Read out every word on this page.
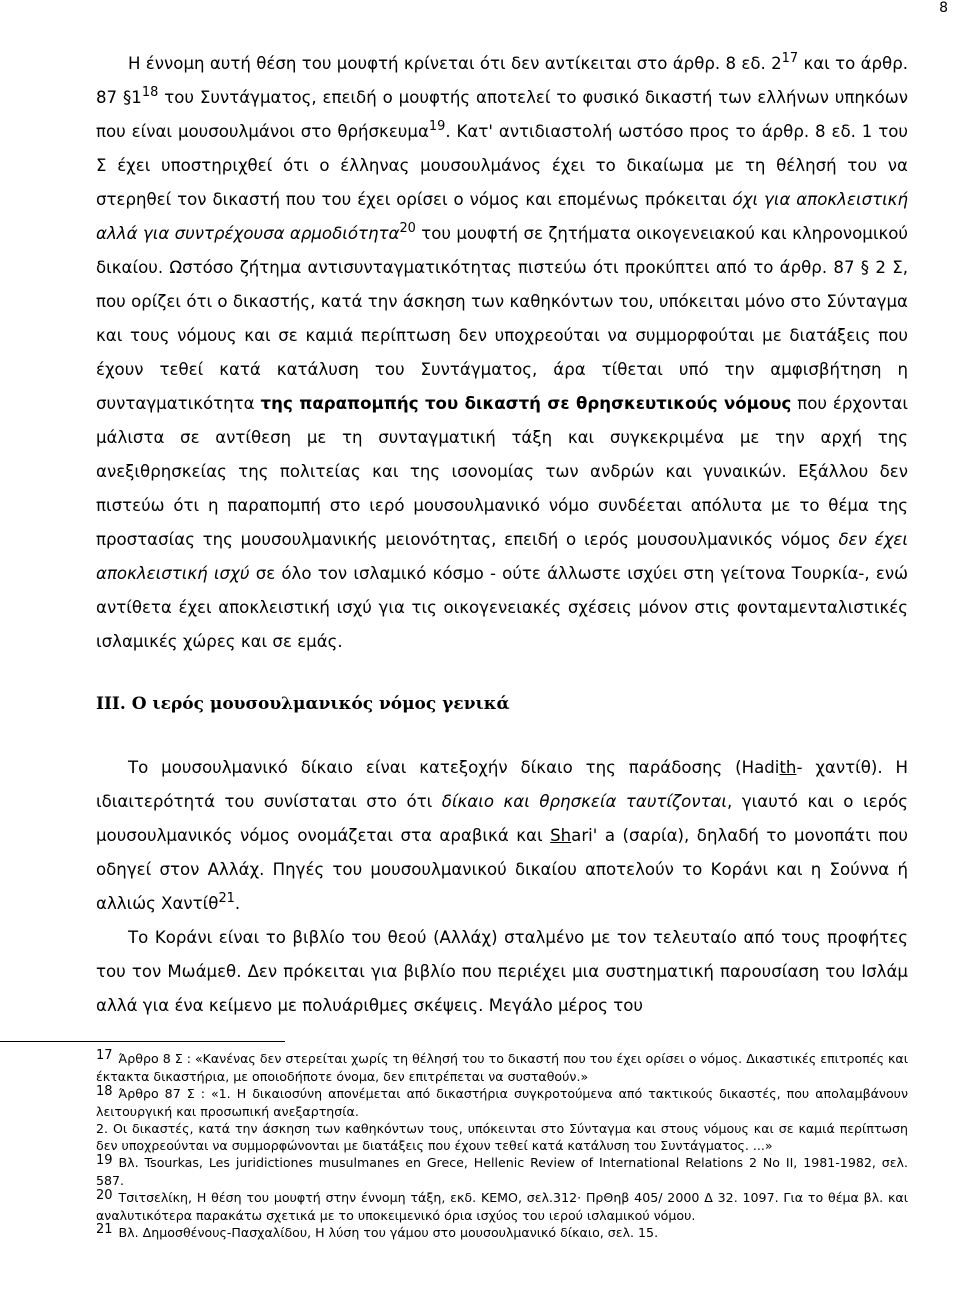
8

Η έννομη αυτή θέση του μουφτή κρίνεται ότι δεν αντίκειται στο άρθρ. 8 εδ. $2^{17}$ και το άρθρ. 87 $\S 1^{18}$ του Συντάγματος, επειδή ο μουφτής αποτελεί το φυσικό δικαστή των ελλήνων υπηκόων που είναι μουσουλμάνοι στο θρήσκευμα$^{19}$. Κατ' αντιδιαστολή ωστόσο προς το άρθρ. 8 εδ. 1 του Σ έχει υποστηριχθεί ότι ο έλληνας μουσουλμάνος έχει το δικαίωμα με τη θέλησή του να στερηθεί τον δικαστή που του έχει ορίσει ο νόμος και επομένως πρόκειται όχι για αποκλειστική αλλά για συντρέχουσα αρμοδιότητα$^{20}$ του μουφτή σε ζητήματα οικογενειακού και κληρονομικού δικαίου. Ωστόσο ζήτημα αντισυνταγματικότητας πιστεύω ότι προκύπτει από το άρθρ. 87 § 2 Σ, που ορίζει ότι ο δικαστής, κατά την άσκηση των καθηκόντων του, υπόκειται μόνο στο Σύνταγμα και τους νόμους και σε καμιά περίπτωση δεν υποχρεούται να συμμορφούται με διατάξεις που έχουν τεθεί κατά κατάλυση του Συντάγματος, άρα τίθεται υπό την αμφισβήτηση η συνταγματικότητα της παραπομπής του δικαστή σε θρησκευτικούς νόμους που έρχονται μάλιστα σε αντίθεση με τη συνταγματική τάξη και συγκεκριμένα με την αρχή της ανεξιθρησκείας της πολιτείας και της ισονομίας των ανδρών και γυναικών. Εξάλλου δεν πιστεύω ότι η παραπομπή στο ιερό μουσουλμανικό νόμο συνδέεται απόλυτα με το θέμα της προστασίας της μουσουλμανικής μειονότητας, επειδή ο ιερός μουσουλμανικός νόμος δεν έχει αποκλειστική ισχύ σε όλο τον ισλαμικό κόσμο - ούτε άλλωστε ισχύει στη γείτονα Τουρκία-, ενώ αντίθετα έχει αποκλειστική ισχύ για τις οικογενειακές σχέσεις μόνον στις φονταμενταλιστικές ισλαμικές χώρες και σε εμάς.

III. Ο ιερός μουσουλμανικός νόμος γενικά

Το μουσουλμανικό δίκαιο είναι κατεξοχήν δίκαιο της παράδοσης (Hadith- χαντίθ). Η ιδιαιτερότητά του συνίσταται στο ότι δίκαιο και θρησκεία ταυτίζονται, γιαυτό και ο ιερός μουσουλμανικός νόμος ονομάζεται στα αραβικά και Shari' a (σαρία), δηλαδή το μονοπάτι που οδηγεί στον Αλλάχ. Πηγές του μουσουλμανικού δικαίου αποτελούν το Κοράνι και η Σούννα ή αλλιώς Χαντίθ$^{21}$.

Το Κοράνι είναι το βιβλίο του θεού (Αλλάχ) σταλμένο με τον τελευταίο από τους προφήτες του τον Μωάμεθ. Δεν πρόκειται για βιβλίο που περιέχει μια συστηματική παρουσίαση του Ισλάμ αλλά για ένα κείμενο με πολυάριθμες σκέψεις. Μεγάλο μέρος του

17 Άρθρο 8 Σ : «Κανένας δεν στερείται χωρίς τη θέλησή του το δικαστή που του έχει ορίσει ο νόμος. Δικαστικές επιτροπές και έκτακτα δικαστήρια, με οποιοδήποτε όνομα, δεν επιτρέπεται να συσταθούν.»

18 Άρθρο 87 Σ : «1. Η δικαιοσύνη απονέμεται από δικαστήρια συγκροτούμενα από τακτικούς δικαστές, που απολαμβάνουν λειτουργική και προσωπική ανεξαρτησία.

2. Οι δικαστές, κατά την άσκηση των καθηκόντων τους, υπόκεινται στο Σύνταγμα και στους νόμους και σε καμιά περίπτωση δεν υποχρεούνται να συμμορφώνονται με διατάξεις που έχουν τεθεί κατά κατάλυση του Συντάγματος. ...»

19 Βλ. Tsourkas, Les juridictiones musulmanes en Grece, Hellenic Review of International Relations 2 No II, 1981-1982, σελ. 587.

20 Τσιτσελίκη, Η θέση του μουφτή στην έννομη τάξη, εκδ. ΚΕΜΟ, σελ.312· ΠρΘηβ 405/ 2000 Δ 32. 1097. Για το θέμα βλ. και αναλυτικότερα παρακάτω σχετικά με το υποκειμενικό όρια ισχύος του ιερού ισλαμικού νόμου.

21 Βλ. Δημοσθένους-Πασχαλίδου, Η λύση του γάμου στο μουσουλμανικό δίκαιο, σελ. 15.
